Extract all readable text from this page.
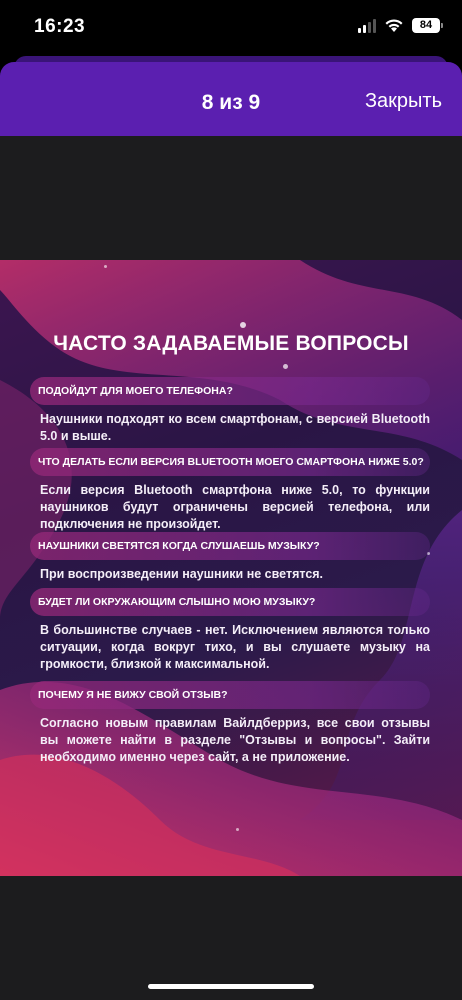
16:23	84
8 из 9	Закрыть
ЧАСТО ЗАДАВАЕМЫЕ ВОПРОСЫ
ПОДОЙДУТ ДЛЯ МОЕГО ТЕЛЕФОНА?
Наушники подходят ко всем смартфонам, с версией Bluetooth 5.0 и выше.
ЧТО ДЕЛАТЬ ЕСЛИ ВЕРСИЯ BLUETOOTH МОЕГО СМАРТФОНА НИЖЕ 5.0?
Если версия Bluetooth смартфона ниже 5.0, то функции наушников будут ограничены версией телефона, или подключения не произойдет.
НАУШНИКИ СВЕТЯТСЯ КОГДА СЛУШАЕШЬ МУЗЫКУ?
При воспроизведении наушники не светятся.
БУДЕТ ЛИ ОКРУЖАЮЩИМ СЛЫШНО МОЮ МУЗЫКУ?
В большинстве случаев - нет. Исключением являются только ситуации, когда вокруг тихо, и вы слушаете музыку на громкости, близкой к максимальной.
ПОЧЕМУ Я НЕ ВИЖУ СВОЙ ОТЗЫВ?
Согласно новым правилам Вайлдберриз, все свои отзывы вы можете найти в разделе "Отзывы и вопросы". Зайти необходимо именно через сайт, а не приложение.
